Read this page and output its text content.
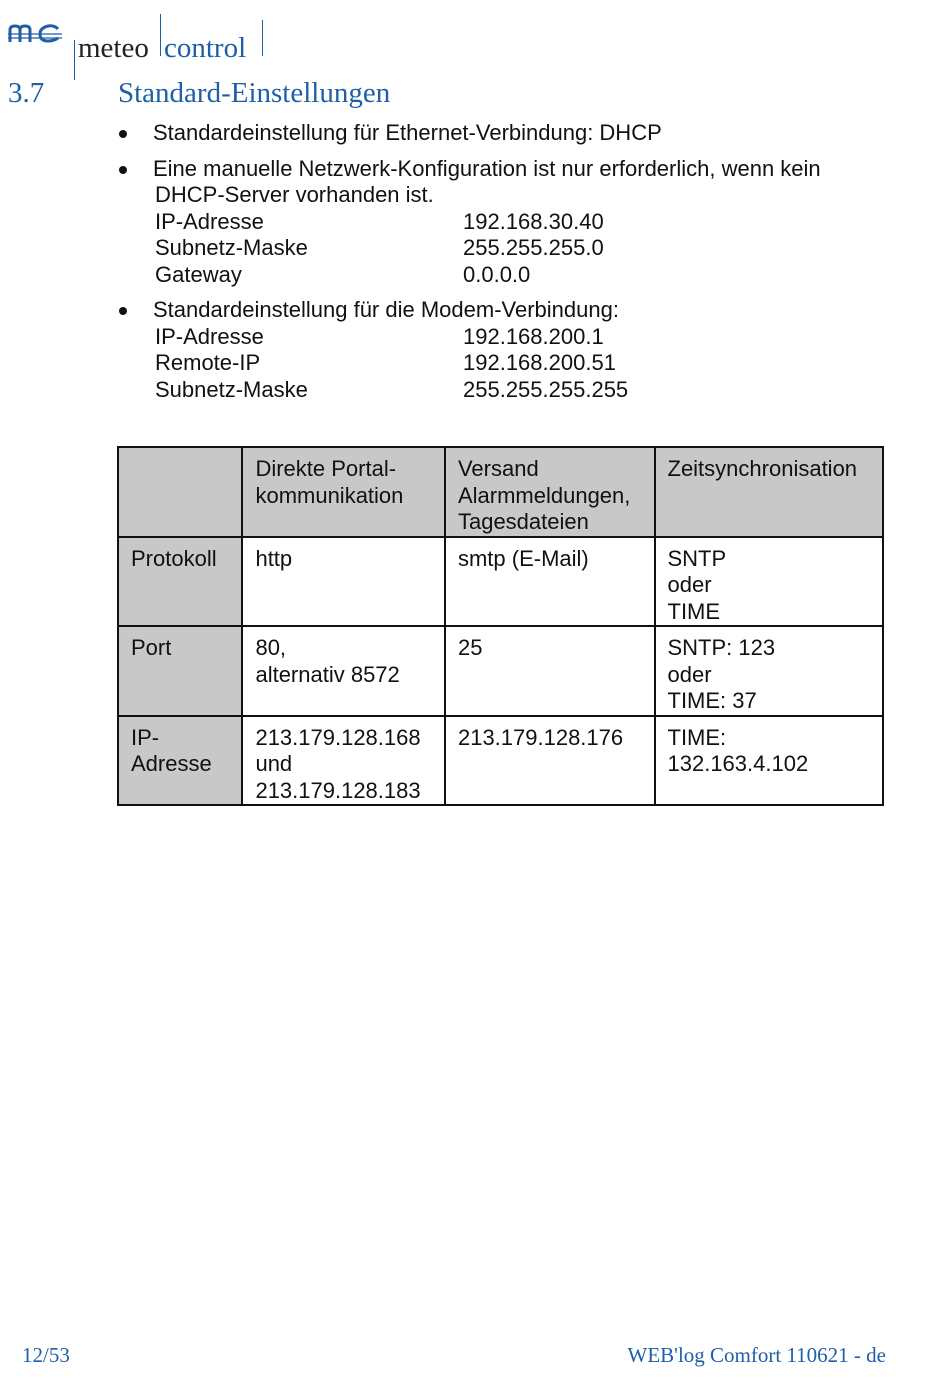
meteo control
3.7	Standard-Einstellungen
Standardeinstellung für Ethernet-Verbindung: DHCP
Eine manuelle Netzwerk-Konfiguration ist nur erforderlich, wenn kein
DHCP-Server vorhanden ist.
IP-Adresse	192.168.30.40
Subnetz-Maske	255.255.255.0
Gateway	0.0.0.0
Standardeinstellung für die Modem-Verbindung:
IP-Adresse	192.168.200.1
Remote-IP	192.168.200.51
Subnetz-Maske	255.255.255.255

	Direkte Portal-
kommunikation	Versand
Alarmmeldungen,
Tagesdateien	Zeitsynchronisation

Protokoll	http	smtp (E-Mail)	SNTP
oder
TIME

Port	80,
alternativ 8572	25	SNTP: 123
oder
TIME: 37

IP-
Adresse	213.179.128.168
und
213.179.128.183	213.179.128.176	TIME:
132.163.4.102
12/53	WEB'log Comfort 110621 - de
